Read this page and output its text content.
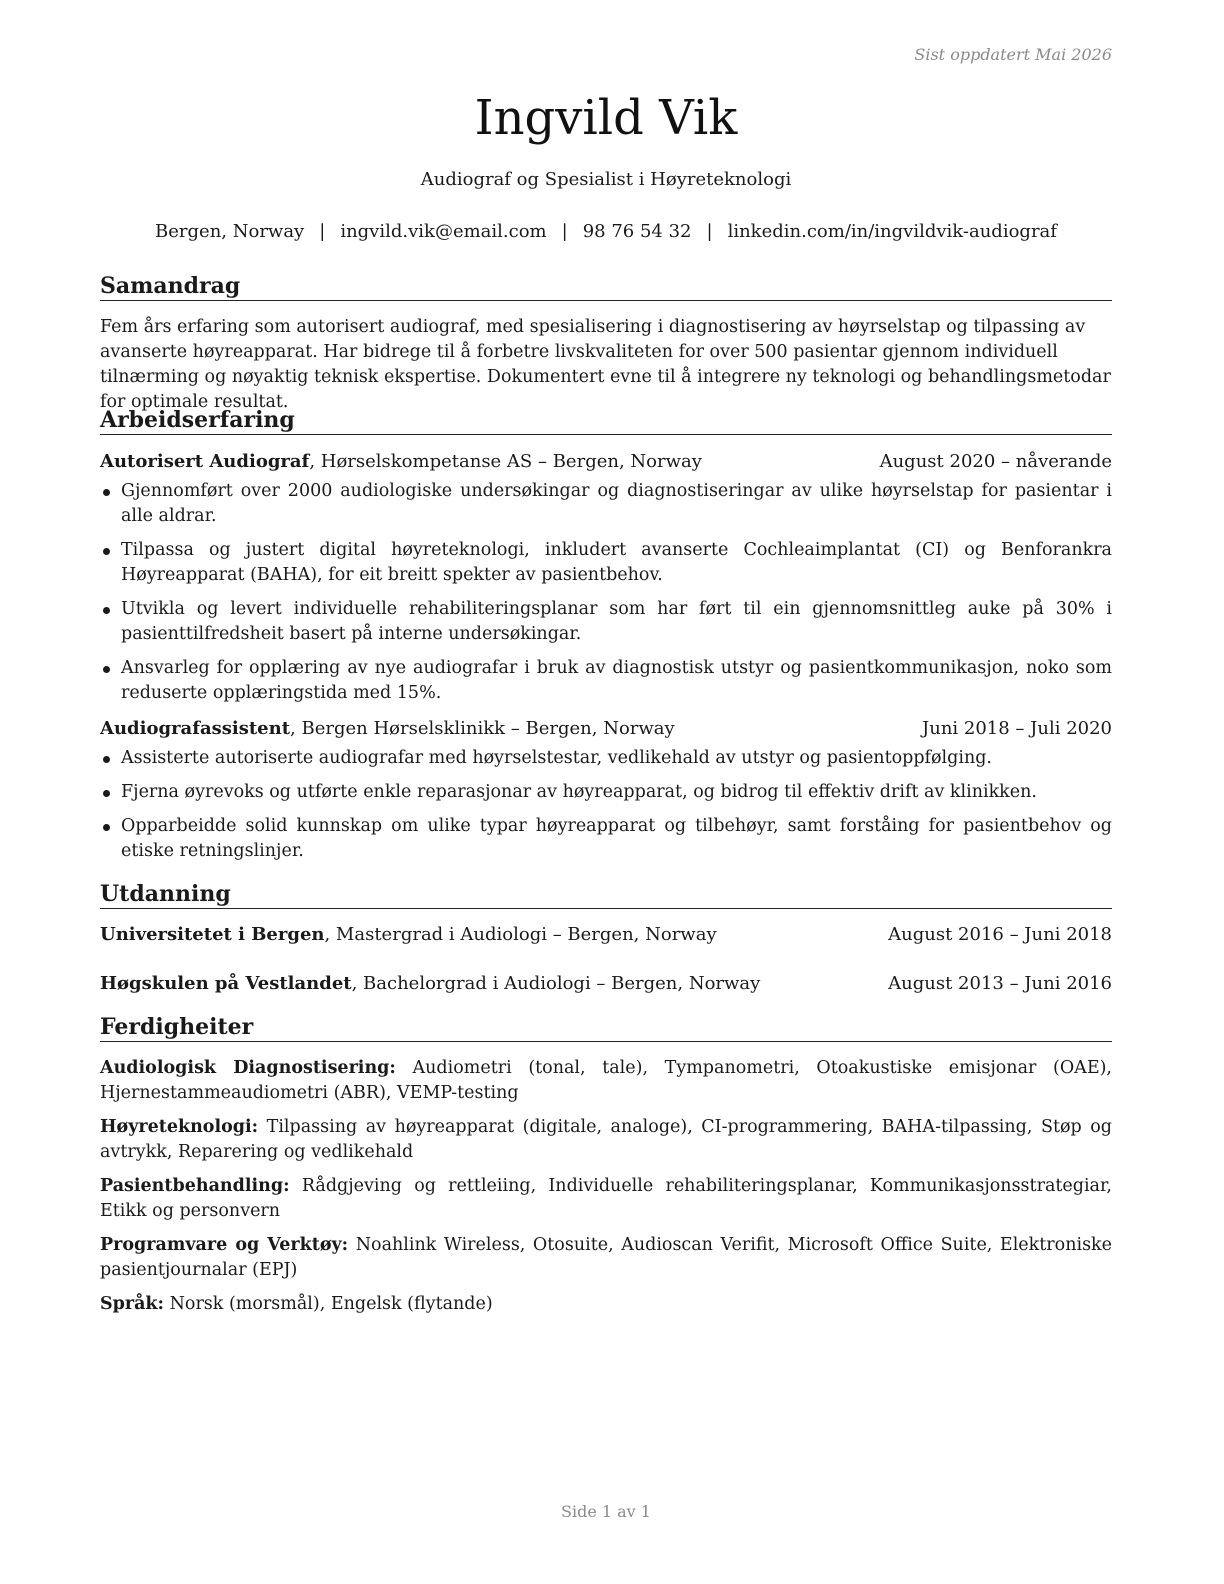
Sist oppdatert Mai 2026
Ingvild Vik
Audiograf og Spesialist i Høyreteknologi
Bergen, Norway | ingvild.vik@email.com | 98 76 54 32 | linkedin.com/in/ingvildvik-audiograf
Samandrag
Fem års erfaring som autorisert audiograf, med spesialisering i diagnostisering av høyrselstap og tilpassing av avanserte høyreapparat. Har bidrege til å forbetre livskvaliteten for over 500 pasientar gjennom individuell tilnærming og nøyaktig teknisk ekspertise. Dokumentert evne til å integrere ny teknologi og behandlingsmetodar for optimale resultat.
Arbeidserfaring
Autorisert Audiograf, Hørselskompetanse AS – Bergen, Norway	August 2020 – nåverande
Gjennomført over 2000 audiologiske undersøkingar og diagnostiseringar av ulike høyrselstap for pasientar i alle aldrar.
Tilpassa og justert digital høyreteknologi, inkludert avanserte Cochleaimplantat (CI) og Benforankra Høyreapparat (BAHA), for eit breitt spekter av pasientbehov.
Utvikla og levert individuelle rehabiliteringsplanar som har ført til ein gjennomsnittleg auke på 30% i pasienttilfredsheit basert på interne undersøkingar.
Ansvarleg for opplæring av nye audiografar i bruk av diagnostisk utstyr og pasientkommunikasjon, noko som reduserte opplæringstida med 15%.
Audiografassistent, Bergen Hørselsklinikk – Bergen, Norway	Juni 2018 – Juli 2020
Assisterte autoriserte audiografar med høyrselstestar, vedlikehald av utstyr og pasientoppfølging.
Fjerna øyrevoks og utførte enkle reparasjonar av høyreapparat, og bidrog til effektiv drift av klinikken.
Opparbeidde solid kunnskap om ulike typar høyreapparat og tilbehøyr, samt forståing for pasientbehov og etiske retningslinjer.
Utdanning
Universitetet i Bergen, Mastergrad i Audiologi – Bergen, Norway	August 2016 – Juni 2018
Høgskulen på Vestlandet, Bachelorgrad i Audiologi – Bergen, Norway	August 2013 – Juni 2016
Ferdigheiter
Audiologisk Diagnostisering: Audiometri (tonal, tale), Tympanometri, Otoakustiske emisjonar (OAE), Hjernestammeaudiometri (ABR), VEMP-testing
Høyreteknologi: Tilpassing av høyreapparat (digitale, analoge), CI-programmering, BAHA-tilpassing, Støp og avtrykk, Reparering og vedlikehald
Pasientbehandling: Rådgjeving og rettleiing, Individuelle rehabiliteringsplanar, Kommunikasjonsstrategiar, Etikk og personvern
Programvare og Verktøy: Noahlink Wireless, Otosuite, Audioscan Verifit, Microsoft Office Suite, Elektroniske pasientjournalar (EPJ)
Språk: Norsk (morsmål), Engelsk (flytande)
Side 1 av 1
